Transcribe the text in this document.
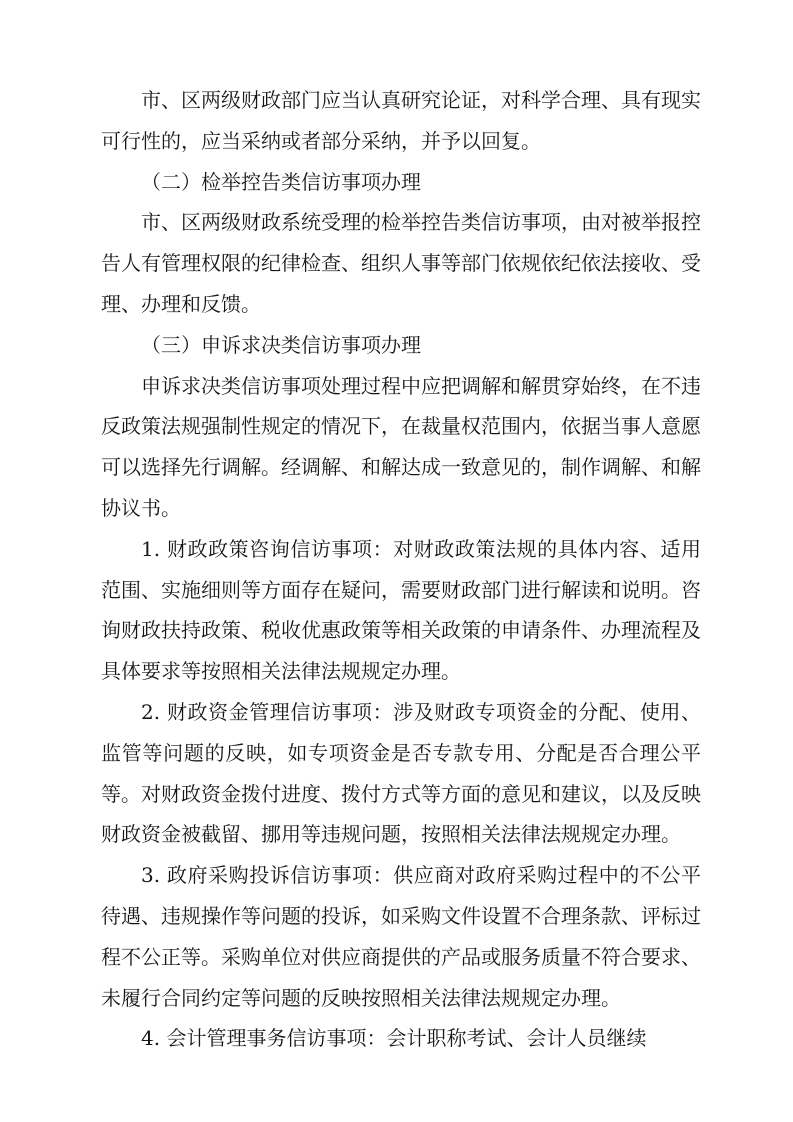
市、区两级财政部门应当认真研究论证，对科学合理、具有现实可行性的，应当采纳或者部分采纳，并予以回复。

（二）检举控告类信访事项办理

市、区两级财政系统受理的检举控告类信访事项，由对被举报控告人有管理权限的纪律检查、组织人事等部门依规依纪依法接收、受理、办理和反馈。

（三）申诉求决类信访事项办理

申诉求决类信访事项处理过程中应把调解和解贯穿始终，在不违反政策法规强制性规定的情况下，在裁量权范围内，依据当事人意愿可以选择先行调解。经调解、和解达成一致意见的，制作调解、和解协议书。

1. 财政政策咨询信访事项：对财政政策法规的具体内容、适用范围、实施细则等方面存在疑问，需要财政部门进行解读和说明。咨询财政扶持政策、税收优惠政策等相关政策的申请条件、办理流程及具体要求等按照相关法律法规规定办理。

2. 财政资金管理信访事项：涉及财政专项资金的分配、使用、监管等问题的反映，如专项资金是否专款专用、分配是否合理公平等。对财政资金拨付进度、拨付方式等方面的意见和建议，以及反映财政资金被截留、挪用等违规问题，按照相关法律法规规定办理。

3. 政府采购投诉信访事项：供应商对政府采购过程中的不公平待遇、违规操作等问题的投诉，如采购文件设置不合理条款、评标过程不公正等。采购单位对供应商提供的产品或服务质量不符合要求、未履行合同约定等问题的反映按照相关法律法规规定办理。

4. 会计管理事务信访事项：会计职称考试、会计人员继续
